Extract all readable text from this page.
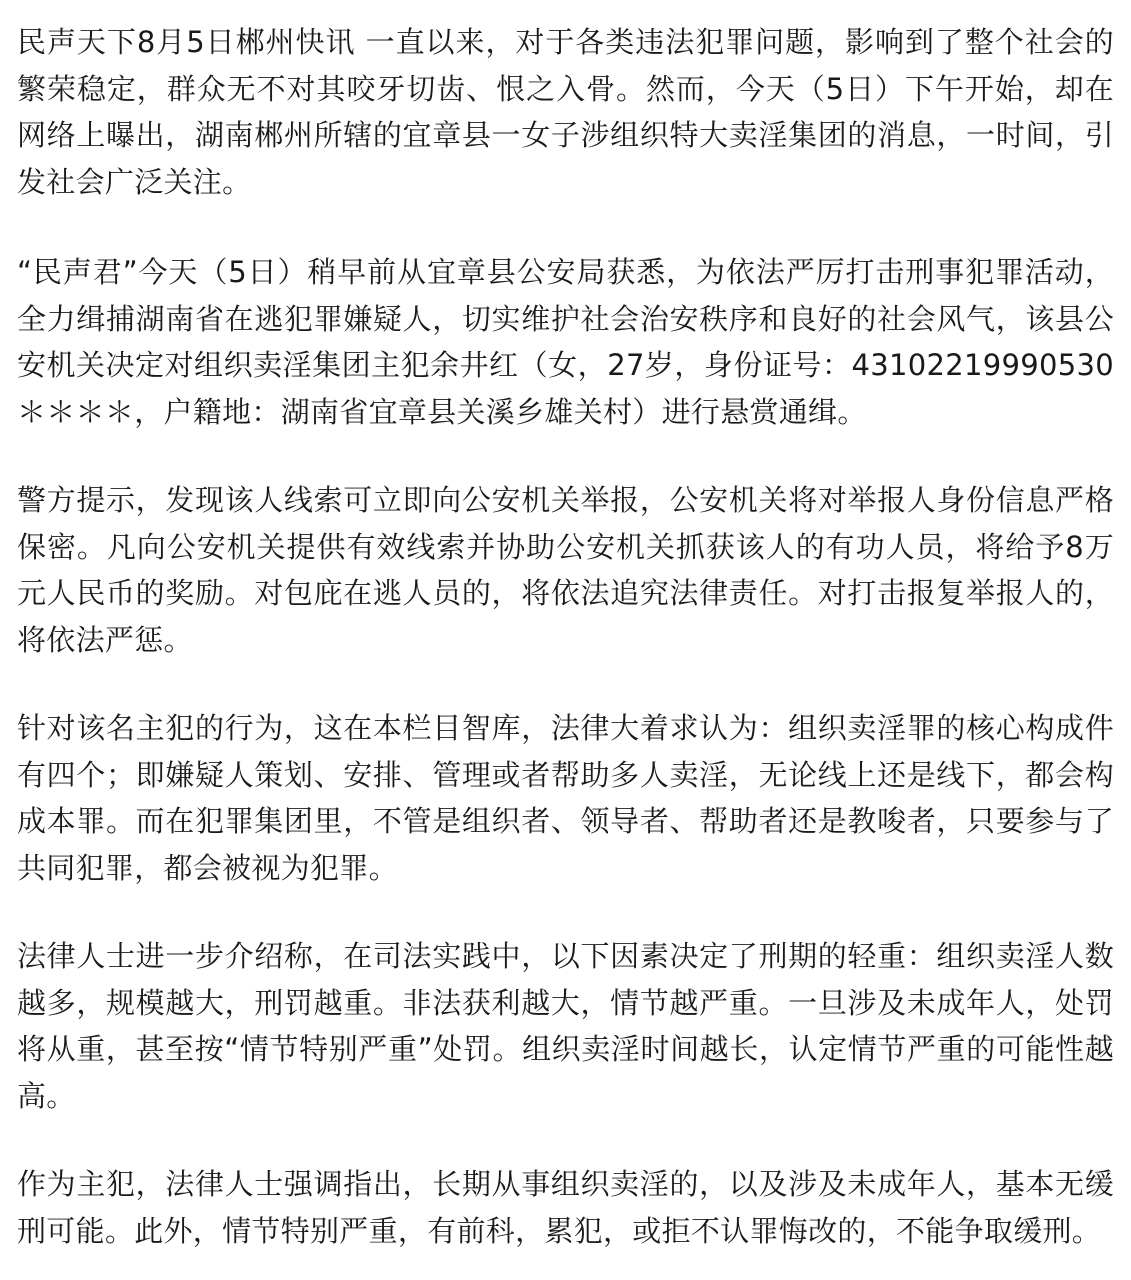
民声天下8月5日郴州快讯 一直以来，对于各类违法犯罪问题，影响到了整个社会的繁荣稳定，群众无不对其咬牙切齿、恨之入骨。然而，今天（5日）下午开始，却在网络上曝出，湖南郴州所辖的宜章县一女子涉组织特大卖淫集团的消息，一时间，引发社会广泛关注。

“民声君”今天（5日）稍早前从宜章县公安局获悉，为依法严厉打击刑事犯罪活动，全力缉捕湖南省在逃犯罪嫌疑人，切实维护社会治安秩序和良好的社会风气，该县公安机关决定对组织卖淫集团主犯余井红（女，27岁，身份证号：43102219990530＊＊＊＊，户籍地：湖南省宜章县关溪乡雄关村）进行悬赏通缉。

警方提示，发现该人线索可立即向公安机关举报，公安机关将对举报人身份信息严格保密。凡向公安机关提供有效线索并协助公安机关抓获该人的有功人员，将给予8万元人民币的奖励。对包庇在逃人员的，将依法追究法律责任。对打击报复举报人的，将依法严惩。

针对该名主犯的行为，这在本栏目智库，法律大着求认为：组织卖淫罪的核心构成件有四个；即嫌疑人策划、安排、管理或者帮助多人卖淫，无论线上还是线下，都会构成本罪。而在犯罪集团里，不管是组织者、领导者、帮助者还是教唆者，只要参与了共同犯罪，都会被视为犯罪。

法律人士进一步介绍称，在司法实践中，以下因素决定了刑期的轻重：组织卖淫人数越多，规模越大，刑罚越重。非法获利越大，情节越严重。一旦涉及未成年人，处罚将从重，甚至按“情节特别严重”处罚。组织卖淫时间越长，认定情节严重的可能性越高。

作为主犯，法律人士强调指出，长期从事组织卖淫的，以及涉及未成年人，基本无缓刑可能。此外，情节特别严重，有前科，累犯，或拒不认罪悔改的，不能争取缓刑。
